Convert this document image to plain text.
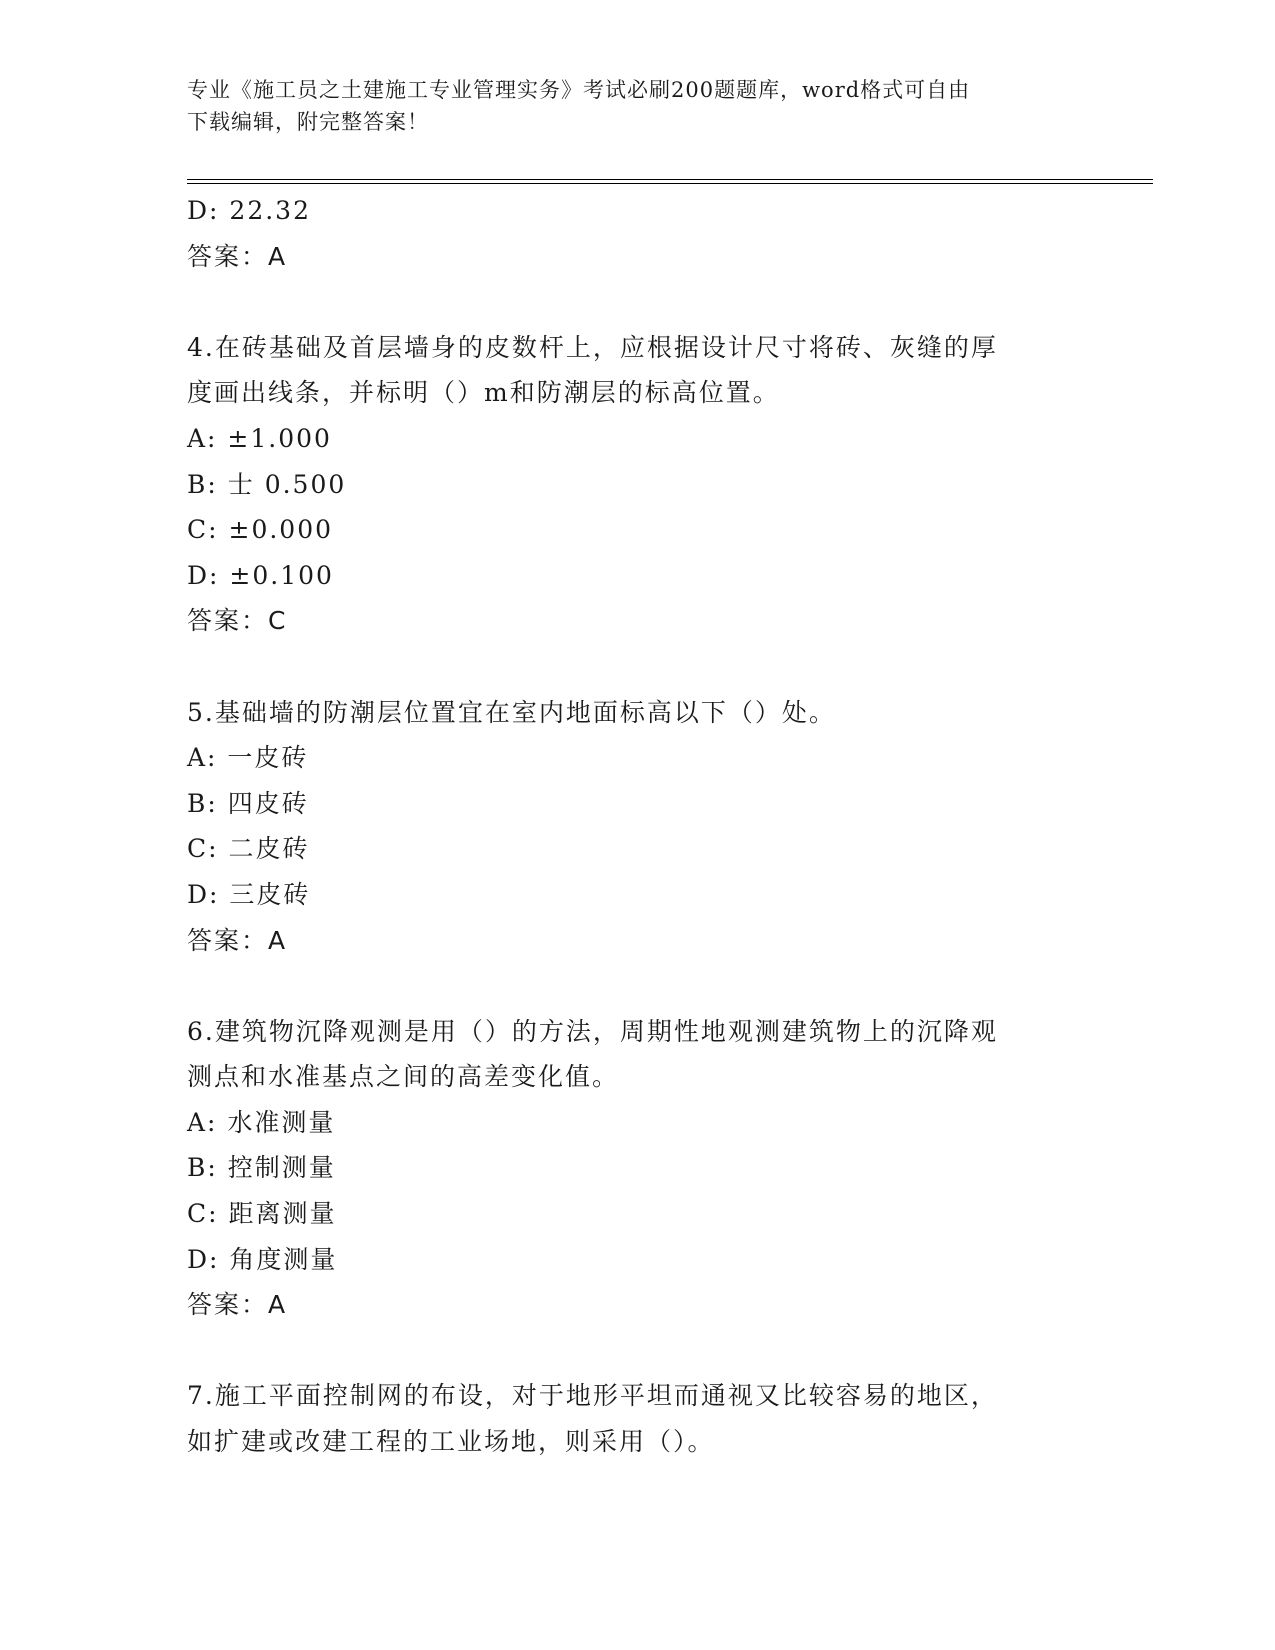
专业《施工员之土建施工专业管理实务》考试必刷200题题库，word格式可自由
下载编辑，附完整答案！
D: 22.32
答案：A
4.在砖基础及首层墙身的皮数杆上，应根据设计尺寸将砖、灰缝的厚
度画出线条，并标明（）m和防潮层的标高位置。
A: ±1.000
B: 士 0.500
C: ±0.000
D: ±0.100
答案：C
5.基础墙的防潮层位置宜在室内地面标高以下（）处。
A: 一皮砖
B: 四皮砖
C: 二皮砖
D: 三皮砖
答案：A
6.建筑物沉降观测是用（）的方法，周期性地观测建筑物上的沉降观
测点和水准基点之间的高差变化值。
A: 水准测量
B: 控制测量
C: 距离测量
D: 角度测量
答案：A
7.施工平面控制网的布设，对于地形平坦而通视又比较容易的地区，
如扩建或改建工程的工业场地，则采用（）。
